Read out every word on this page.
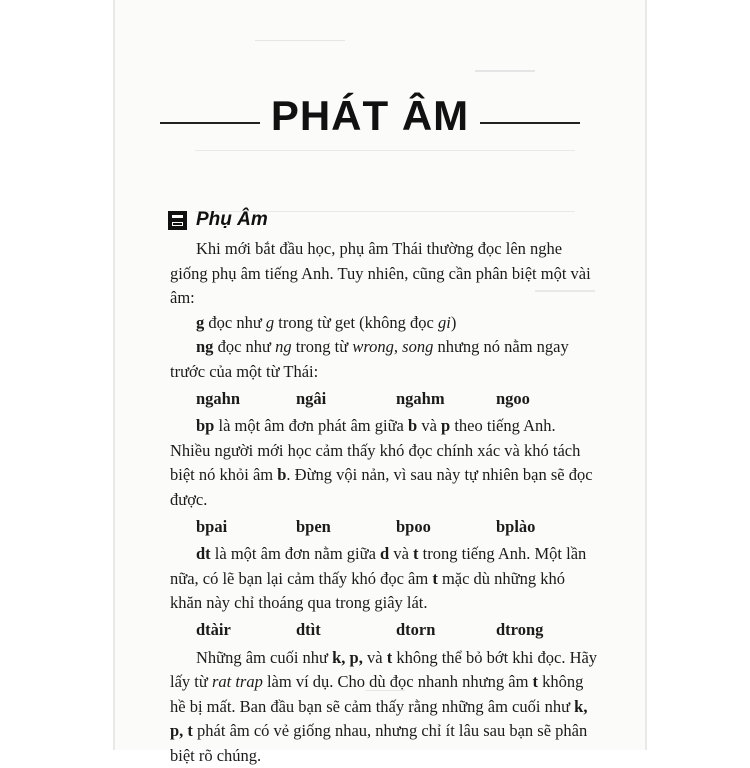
PHÁT ÂM
Phụ Âm

Khi mới bắt đầu học, phụ âm Thái thường đọc lên nghe giống phụ âm tiếng Anh. Tuy nhiên, cũng cần phân biệt một vài âm:

g đọc như g trong từ get (không đọc gi)

ng đọc như ng trong từ wrong, song nhưng nó nằm ngay trước của một từ Thái:

ngahn	ngâi	ngahm	ngoo

bp là một âm đơn phát âm giữa b và p theo tiếng Anh. Nhiều người mới học cảm thấy khó đọc chính xác và khó tách biệt nó khỏi âm b. Đừng vội nản, vì sau này tự nhiên bạn sẽ đọc được.

bpai	bpen	bpoo	bplào

dt là một âm đơn nằm giữa d và t trong tiếng Anh. Một lần nữa, có lẽ bạn lại cảm thấy khó đọc âm t mặc dù những khó khăn này chỉ thoáng qua trong giây lát.

dtàir	dtìt	dtorn	dtrong

Những âm cuối như k, p, và t không thể bỏ bớt khi đọc. Hãy lấy từ rat trap làm ví dụ. Cho dù đọc nhanh nhưng âm t không hề bị mất. Ban đầu bạn sẽ cảm thấy rằng những âm cuối như k, p, t phát âm có vẻ giống nhau, nhưng chỉ ít lâu sau bạn sẽ phân biệt rõ chúng.
